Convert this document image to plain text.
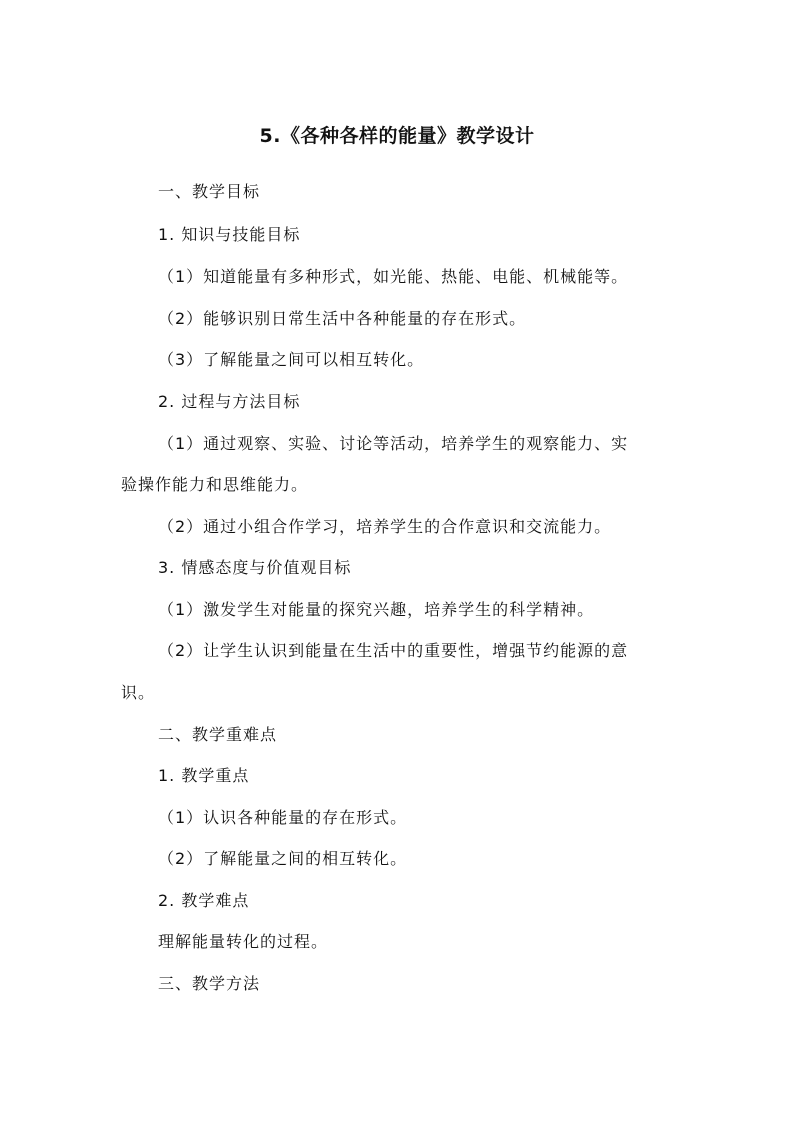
5.《各种各样的能量》教学设计
一、教学目标
1. 知识与技能目标
（1）知道能量有多种形式，如光能、热能、电能、机械能等。
（2）能够识别日常生活中各种能量的存在形式。
（3）了解能量之间可以相互转化。
2. 过程与方法目标
（1）通过观察、实验、讨论等活动，培养学生的观察能力、实
验操作能力和思维能力。
（2）通过小组合作学习，培养学生的合作意识和交流能力。
3. 情感态度与价值观目标
（1）激发学生对能量的探究兴趣，培养学生的科学精神。
（2）让学生认识到能量在生活中的重要性，增强节约能源的意
识。
二、教学重难点
1. 教学重点
（1）认识各种能量的存在形式。
（2）了解能量之间的相互转化。
2. 教学难点
理解能量转化的过程。
三、教学方法
